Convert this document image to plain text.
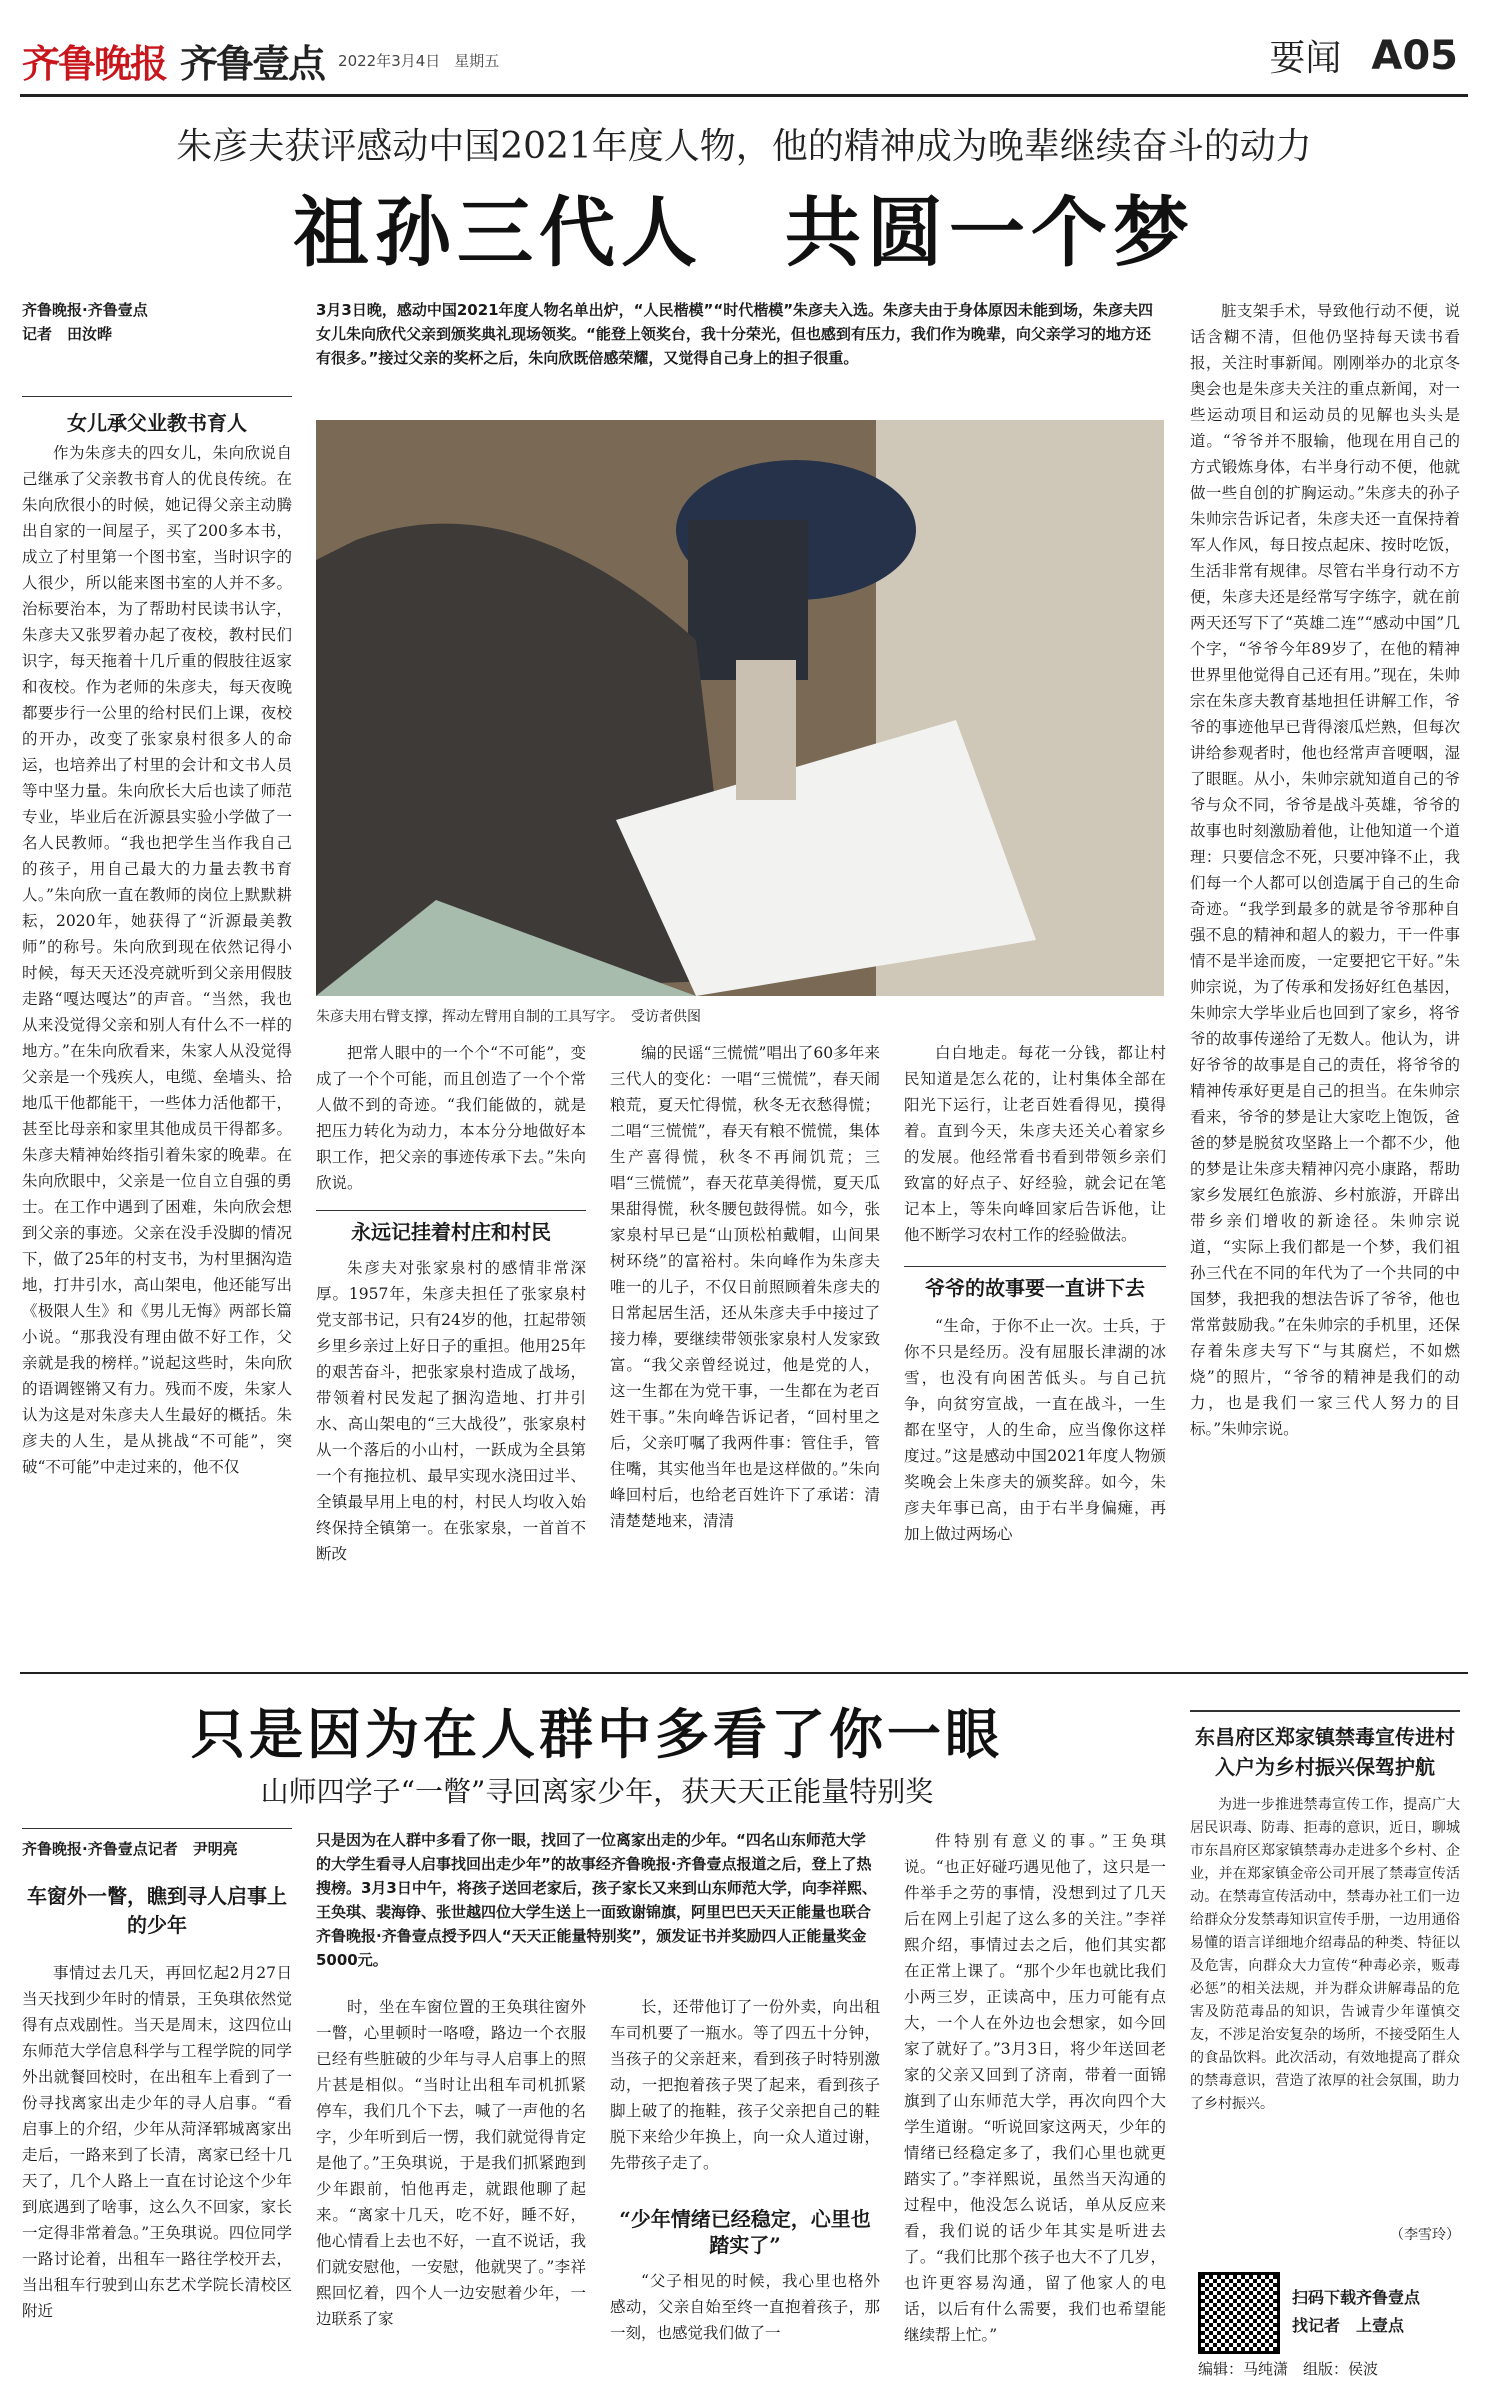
齐鲁晚报 齐鲁壹点 2022年3月4日 星期五	要闻 A05
朱彦夫获评感动中国2021年度人物，他的精神成为晚辈继续奋斗的动力
祖孙三代人　共圆一个梦
齐鲁晚报·齐鲁壹点
记者　田汝晔
女儿承父业教书育人

作为朱彦夫的四女儿，朱向欣说自己继承了父亲教书育人的优良传统。在朱向欣很小的时候，她记得父亲主动腾出自家的一间屋子，买了200多本书，成立了村里第一个图书室，当时识字的人很少，所以能来图书室的人并不多。治标要治本，为了帮助村民读书认字，朱彦夫又张罗着办起了夜校，教村民们识字，每天拖着十几斤重的假肢往返家和夜校。作为老师的朱彦夫，每天夜晚都要步行一公里的给村民们上课，夜校的开办，改变了张家泉村很多人的命运，也培养出了村里的会计和文书人员等中坚力量。朱向欣长大后也读了师范专业，毕业后在沂源县实验小学做了一名人民教师。“我也把学生当作我自己的孩子，用自己最大的力量去教书育人。”朱向欣一直在教师的岗位上默默耕耘，2020年，她获得了“沂源最美教师”的称号。朱向欣到现在依然记得小时候，每天天还没亮就听到父亲用假肢走路“嘎达嘎达”的声音。“当然，我也从来没觉得父亲和别人有什么不一样的地方。”在朱向欣看来，朱家人从没觉得父亲是一个残疾人，电缆、垒墙头、拾地瓜干他都能干，一些体力活他都干，甚至比母亲和家里其他成员干得都多。朱彦夫精神始终指引着朱家的晚辈。在朱向欣眼中，父亲是一位自立自强的勇士。在工作中遇到了困难，朱向欣会想到父亲的事迹。父亲在没手没脚的情况下，做了25年的村支书，为村里捆沟造地，打井引水，高山架电，他还能写出《极限人生》和《男儿无悔》两部长篇小说。“那我没有理由做不好工作，父亲就是我的榜样。”说起这些时，朱向欣的语调铿锵又有力。残而不废，朱家人认为这是对朱彦夫人生最好的概括。朱彦夫的人生，是从挑战“不可能”，突破“不可能”中走过来的，他不仅

3月3日晚，感动中国2021年度人物名单出炉，“人民楷模”“时代楷模”朱彦夫入选。朱彦夫由于身体原因未能到场，朱彦夫四女儿朱向欣代父亲到颁奖典礼现场领奖。“能登上领奖台，我十分荣光，但也感到有压力，我们作为晚辈，向父亲学习的地方还有很多。”接过父亲的奖杯之后，朱向欣既倍感荣耀，又觉得自己身上的担子很重。
朱彦夫用右臂支撑，挥动左臂用自制的工具写字。　受访者供图

把常人眼中的一个个“不可能”，变成了一个个可能，而且创造了一个个常人做不到的奇迹。“我们能做的，就是把压力转化为动力，本本分分地做好本职工作，把父亲的事迹传承下去。”朱向欣说。

永远记挂着村庄和村民

朱彦夫对张家泉村的感情非常深厚。1957年，朱彦夫担任了张家泉村党支部书记，只有24岁的他，扛起带领乡里乡亲过上好日子的重担。他用25年的艰苦奋斗，把张家泉村造成了战场，带领着村民发起了捆沟造地、打井引水、高山架电的“三大战役”，张家泉村从一个落后的小山村，一跃成为全县第一个有拖拉机、最早实现水浇田过半、全镇最早用上电的村，村民人均收入始终保持全镇第一。在张家泉，一首首不断改

编的民谣“三慌慌”唱出了60多年来三代人的变化：一唱“三慌慌”，春天闹粮荒，夏天忙得慌，秋冬无衣愁得慌；二唱“三慌慌”，春天有粮不慌慌，集体生产喜得慌，秋冬不再闹饥荒；三唱“三慌慌”，春天花草美得慌，夏天瓜果甜得慌，秋冬腰包鼓得慌。如今，张家泉村早已是“山顶松柏戴帽，山间果树环绕”的富裕村。朱向峰作为朱彦夫唯一的儿子，不仅日前照顾着朱彦夫的日常起居生活，还从朱彦夫手中接过了接力棒，要继续带领张家泉村人发家致富。“我父亲曾经说过，他是党的人，这一生都在为党干事，一生都在为老百姓干事。”朱向峰告诉记者，“回村里之后，父亲叮嘱了我两件事：管住手，管住嘴，其实他当年也是这样做的。”朱向峰回村后，也给老百姓许下了承诺：清清楚楚地来，清清

白白地走。每花一分钱，都让村民知道是怎么花的，让村集体全部在阳光下运行，让老百姓看得见，摸得着。直到今天，朱彦夫还关心着家乡的发展。他经常看书看到带领乡亲们致富的好点子、好经验，就会记在笔记本上，等朱向峰回家后告诉他，让他不断学习农村工作的经验做法。

爷爷的故事要一直讲下去

“生命，于你不止一次。士兵，于你不只是经历。没有屈服长津湖的冰雪，也没有向困苦低头。与自己抗争，向贫穷宣战，一直在战斗，一生都在坚守，人的生命，应当像你这样度过。”这是感动中国2021年度人物颁奖晚会上朱彦夫的颁奖辞。如今，朱彦夫年事已高，由于右半身偏瘫，再加上做过两场心

脏支架手术，导致他行动不便，说话含糊不清，但他仍坚持每天读书看报，关注时事新闻。刚刚举办的北京冬奥会也是朱彦夫关注的重点新闻，对一些运动项目和运动员的见解也头头是道。“爷爷并不服输，他现在用自己的方式锻炼身体，右半身行动不便，他就做一些自创的扩胸运动。”朱彦夫的孙子朱帅宗告诉记者，朱彦夫还一直保持着军人作风，每日按点起床、按时吃饭，生活非常有规律。尽管右半身行动不方便，朱彦夫还是经常写字练字，就在前两天还写下了“英雄二连”“感动中国”几个字，“爷爷今年89岁了，在他的精神世界里他觉得自己还有用。”现在，朱帅宗在朱彦夫教育基地担任讲解工作，爷爷的事迹他早已背得滚瓜烂熟，但每次讲给参观者时，他也经常声音哽咽，湿了眼眶。从小，朱帅宗就知道自己的爷爷与众不同，爷爷是战斗英雄，爷爷的故事也时刻激励着他，让他知道一个道理：只要信念不死，只要冲锋不止，我们每一个人都可以创造属于自己的生命奇迹。“我学到最多的就是爷爷那种自强不息的精神和超人的毅力，干一件事情不是半途而废，一定要把它干好。”朱帅宗说，为了传承和发扬好红色基因，朱帅宗大学毕业后也回到了家乡，将爷爷的故事传递给了无数人。他认为，讲好爷爷的故事是自己的责任，将爷爷的精神传承好更是自己的担当。在朱帅宗看来，爷爷的梦是让大家吃上饱饭，爸爸的梦是脱贫攻坚路上一个都不少，他的梦是让朱彦夫精神闪亮小康路，帮助家乡发展红色旅游、乡村旅游，开辟出带乡亲们增收的新途径。朱帅宗说道，“实际上我们都是一个梦，我们祖孙三代在不同的年代为了一个共同的中国梦，我把我的想法告诉了爷爷，他也常常鼓励我。”在朱帅宗的手机里，还保存着朱彦夫写下“与其腐烂，不如燃烧”的照片，“爷爷的精神是我们的动力，也是我们一家三代人努力的目标。”朱帅宗说。

只是因为在人群中多看了你一眼
山师四学子“一瞥”寻回离家少年，获天天正能量特别奖
齐鲁晚报·齐鲁壹点记者　尹明亮
车窗外一瞥，瞧到寻人启事上的少年

事情过去几天，再回忆起2月27日当天找到少年时的情景，王奂琪依然觉得有点戏剧性。当天是周末，这四位山东师范大学信息科学与工程学院的同学外出就餐回校时，在出租车上看到了一份寻找离家出走少年的寻人启事。“看启事上的介绍，少年从菏泽郓城离家出走后，一路来到了长清，离家已经十几天了，几个人路上一直在讨论这个少年到底遇到了啥事，这么久不回家，家长一定得非常着急。”王奂琪说。四位同学一路讨论着，出租车一路往学校开去，当出租车行驶到山东艺术学院长清校区附近

只是因为在人群中多看了你一眼，找回了一位离家出走的少年。“四名山东师范大学的大学生看寻人启事找回出走少年”的故事经齐鲁晚报·齐鲁壹点报道之后，登上了热搜榜。3月3日中午，将孩子送回老家后，孩子家长又来到山东师范大学，向李祥熙、王奂琪、裴海铮、张世越四位大学生送上一面致谢锦旗，阿里巴巴天天正能量也联合齐鲁晚报·齐鲁壹点授予四人“天天正能量特别奖”，颁发证书并奖励四人正能量奖金5000元。

时，坐在车窗位置的王奂琪往窗外一瞥，心里顿时一咯噔，路边一个衣服已经有些脏破的少年与寻人启事上的照片甚是相似。“当时让出租车司机抓紧停车，我们几个下去，喊了一声他的名字，少年听到后一愣，我们就觉得肯定是他了。”王奂琪说，于是我们抓紧跑到少年跟前，怕他再走，就跟他聊了起来。“离家十几天，吃不好，睡不好，他心情看上去也不好，一直不说话，我们就安慰他，一安慰，他就哭了。”李祥熙回忆着，四个人一边安慰着少年，一边联系了家

长，还带他订了一份外卖，向出租车司机要了一瓶水。等了四五十分钟，当孩子的父亲赶来，看到孩子时特别激动，一把抱着孩子哭了起来，看到孩子脚上破了的拖鞋，孩子父亲把自己的鞋脱下来给少年换上，向一众人道过谢，先带孩子走了。

“少年情绪已经稳定，心里也踏实了”

“父子相见的时候，我心里也格外感动，父亲自始至终一直抱着孩子，那一刻，也感觉我们做了一

件特别有意义的事。”王奂琪说。“也正好碰巧遇见他了，这只是一件举手之劳的事情，没想到过了几天后在网上引起了这么多的关注。”李祥熙介绍，事情过去之后，他们其实都在正常上课了。“那个少年也就比我们小两三岁，正读高中，压力可能有点大，一个人在外边也会想家，如今回家了就好了。”3月3日，将少年送回老家的父亲又回到了济南，带着一面锦旗到了山东师范大学，再次向四个大学生道谢。“听说回家这两天，少年的情绪已经稳定多了，我们心里也就更踏实了。”李祥熙说，虽然当天沟通的过程中，他没怎么说话，单从反应来看，我们说的话少年其实是听进去了。“我们比那个孩子也大不了几岁，也许更容易沟通，留了他家人的电话，以后有什么需要，我们也希望能继续帮上忙。”

东昌府区郑家镇禁毒宣传进村入户为乡村振兴保驾护航

为进一步推进禁毒宣传工作，提高广大居民识毒、防毒、拒毒的意识，近日，聊城市东昌府区郑家镇禁毒办走进多个乡村、企业，并在郑家镇金帝公司开展了禁毒宣传活动。在禁毒宣传活动中，禁毒办社工们一边给群众分发禁毒知识宣传手册，一边用通俗易懂的语言详细地介绍毒品的种类、特征以及危害，向群众大力宣传“种毒必亲，贩毒必惩”的相关法规，并为群众讲解毒品的危害及防范毒品的知识，告诫青少年谨慎交友，不涉足治安复杂的场所，不接受陌生人的食品饮料。此次活动，有效地提高了群众的禁毒意识，营造了浓厚的社会氛围，助力了乡村振兴。

（李雪玲）
扫码下载齐鲁壹点
找记者　上壹点
编辑：马纯潇　组版：侯波
